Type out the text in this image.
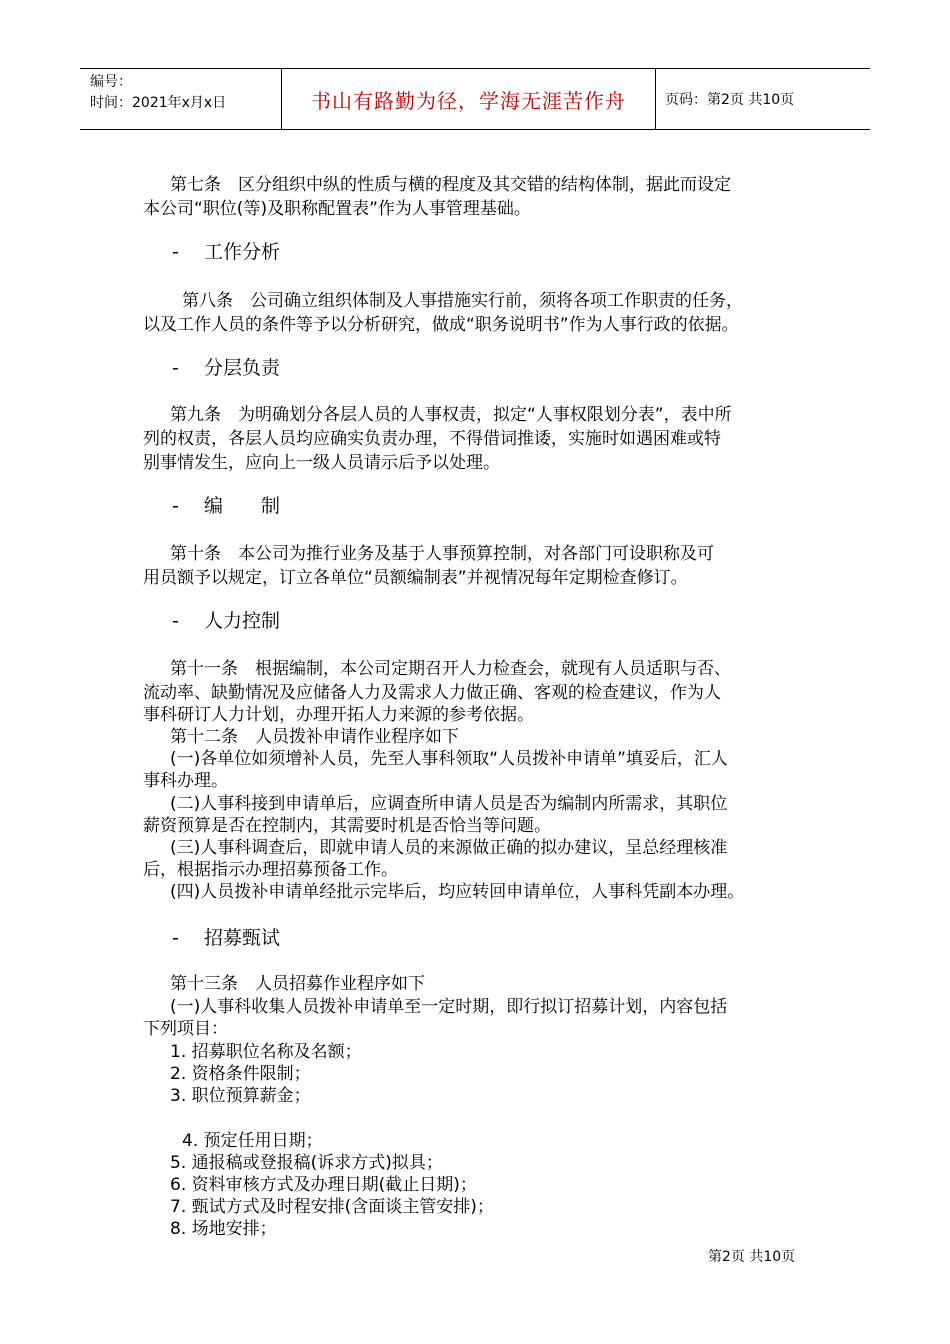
编号：
时间：2021年x月x日	书山有路勤为径，学海无涯苦作舟	页码：第2页 共10页
第七条　区分组织中纵的性质与横的程度及其交错的结构体制，据此而设定
本公司“职位(等)及职称配置表”作为人事管理基础。
- 工作分析
第八条　公司确立组织体制及人事措施实行前，须将各项工作职责的任务，
以及工作人员的条件等予以分析研究，做成“职务说明书”作为人事行政的依据。
- 分层负责
第九条　为明确划分各层人员的人事权责，拟定“人事权限划分表”，表中所
列的权责，各层人员均应确实负责办理，不得借词推诿，实施时如遇困难或特
别事情发生，应向上一级人员请示后予以处理。
- 编　　制
第十条　本公司为推行业务及基于人事预算控制，对各部门可设职称及可
用员额予以规定，订立各单位“员额编制表”并视情况每年定期检查修订。
- 人力控制
第十一条　根据编制，本公司定期召开人力检查会，就现有人员适职与否、
流动率、缺勤情况及应储备人力及需求人力做正确、客观的检查建议，作为人
事科研订人力计划，办理开拓人力来源的参考依据。
第十二条　人员拨补申请作业程序如下
(一)各单位如须增补人员，先至人事科领取“人员拨补申请单”填妥后，汇人
事科办理。
(二)人事科接到申请单后，应调查所申请人员是否为编制内所需求，其职位
薪资预算是否在控制内，其需要时机是否恰当等问题。
(三)人事科调查后，即就申请人员的来源做正确的拟办建议，呈总经理核准
后，根据指示办理招募预备工作。
(四)人员拨补申请单经批示完毕后，均应转回申请单位，人事科凭副本办理。
- 招募甄试
第十三条　人员招募作业程序如下
(一)人事科收集人员拨补申请单至一定时期，即行拟订招募计划，内容包括
下列项目：
1. 招募职位名称及名额；
2. 资格条件限制；
3. 职位预算薪金；
4. 预定任用日期；
5. 通报稿或登报稿(诉求方式)拟具；
6. 资料审核方式及办理日期(截止日期)；
7. 甄试方式及时程安排(含面谈主管安排)；
8. 场地安排；
第2页 共10页
